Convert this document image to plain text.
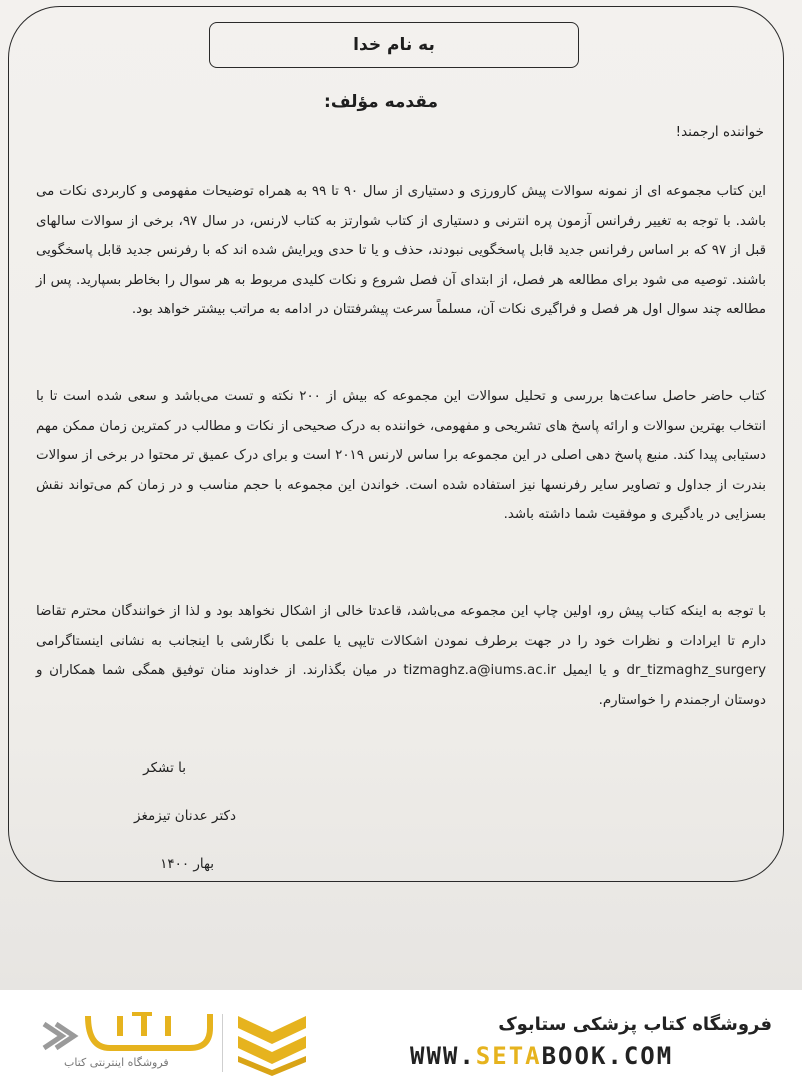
به نام خدا
مقدمه مؤلف:
خواننده ارجمند!
این کتاب مجموعه ای از نمونه سوالات پیش کارورزی و دستیاری از سال ۹۰ تا ۹۹ به همراه توضیحات مفهومی و کاربردی نکات می باشد. با توجه به تغییر رفرانس آزمون پره انترنی و دستیاری از کتاب شوارتز به کتاب لارنس، در سال ۹۷، برخی از سوالات سالهای قبل از ۹۷ که بر اساس رفرانس جدید قابل پاسخگویی نبودند، حذف و یا تا حدی ویرایش شده اند که با رفرنس جدید قابل پاسخگویی باشند. توصیه می شود برای مطالعه هر فصل، از ابتدای آن فصل شروع و نکات کلیدی مربوط به هر سوال را بخاطر بسپارید. پس از مطالعه چند سوال اول هر فصل و فراگیری نکات آن، مسلماً سرعت پیشرفتتان در ادامه به مراتب بیشتر خواهد بود.
کتاب حاضر حاصل ساعت‌ها بررسی و تحلیل سوالات این مجموعه که بیش از ۲۰۰ نکته و تست می‌باشد و سعی شده است تا با انتخاب بهترین سوالات و ارائه پاسخ های تشریحی و مفهومی، خواننده به درک صحیحی از نکات و مطالب در کمترین زمان ممکن مهم دستیابی پیدا کند. منبع پاسخ دهی اصلی در این مجموعه برا ساس لارنس ۲۰۱۹ است و برای درک عمیق تر محتوا در برخی از سوالات بندرت از جداول و تصاویر سایر رفرنسها نیز استفاده شده است. خواندن این مجموعه با حجم مناسب و در زمان کم می‌تواند نقش بسزایی در یادگیری و موفقیت شما داشته باشد.
با توجه به اینکه کتاب پیش رو، اولین چاپ این مجموعه می‌باشد، قاعدتا خالی از اشکال نخواهد بود و لذا از خوانندگان محترم تقاضا دارم تا ایرادات و نظرات خود را در جهت برطرف نمودن اشکالات تایپی یا علمی با نگارشی با اینجانب به نشانی اینستاگرامی dr_tizmaghz_surgery و یا ایمیل tizmaghz.a@iums.ac.ir در میان بگذارند. از خداوند منان توفیق همگی شما همکاران و دوستان ارجمندم را خواستارم.
با تشکر
دکتر عدنان تیزمغز
بهار ۱۴۰۰
فروشگاه اینترنتی کتاب
فروشگاه کتاب پزشکی ستابوک
WWW.SETABOOK.COM
